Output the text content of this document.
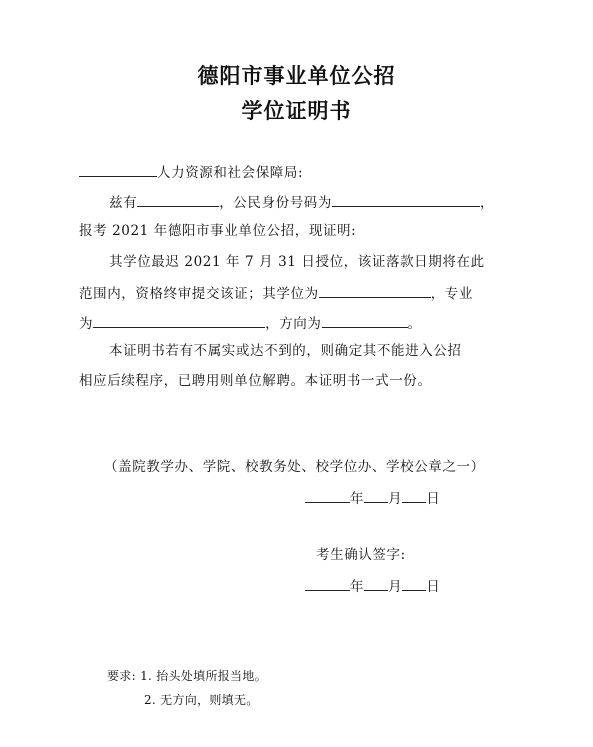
德阳市事业单位公招
学位证明书
人力资源和社会保障局:
兹有	，公民身份号码为	，
报考 2021 年德阳市事业单位公招，现证明:
其学位最迟 2021 年 7 月 31 日授位，该证落款日期将在此
范围内，资格终审提交该证；其学位为	，专业
为	，方向为	。
本证明书若有不属实或达不到的，则确定其不能进入公招
相应后续程序，已聘用则单位解聘。本证明书一式一份。
（盖院教学办、学院、校教务处、校学位办、学校公章之一）
年 月 日
考生确认签字:
年 月 日
要求: 1. 抬头处填所报当地。
2. 无方向，则填无。
